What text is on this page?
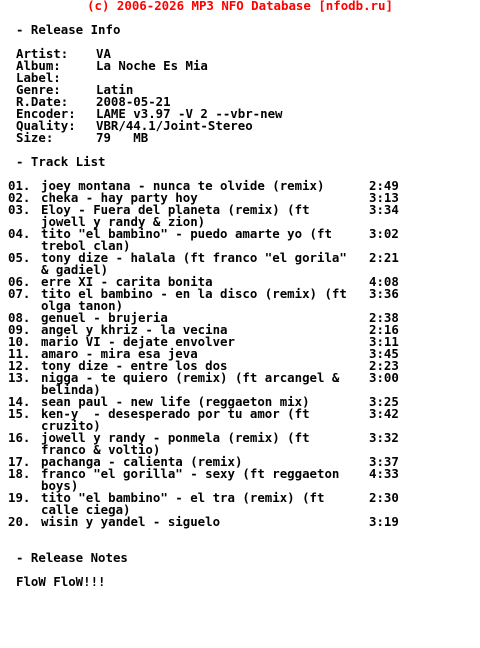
(c) 2006-2026 MP3 NFO Database [nfodb.ru]
- Release Info
Artist: VA
Album:	La Noche Es Mia
Label:
Genre:	Latin
R.Date: 2008-05-21
Encoder: LAME v3.97 -V 2 --vbr-new
Quality: VBR/44.1/Joint-Stereo
Size:	79   MB
- Track List
01. joey montana - nunca te olvide (remix)	2:49
02. cheka - hay party hoy	3:13
03. Eloy - Fuera del planeta (remix) (ft jowell y randy & zion)
3:34
04. tito "el bambino" - puedo amarte yo (ft trebol clan)
3:02
05. tony dize - halala (ft franco "el gorila" & gadiel)
2:21
06. erre XI - carita bonita	4:08
07. tito el bambino - en la disco (remix) (ft olga tanon)
3:36
08. genuel - brujeria	2:38
09. angel y khriz - la vecina	2:16
10. mario VI - dejate envolver	3:11
11. amaro - mira esa jeva	3:45
12. tony dize - entre los dos	2:23
13. nigga - te quiero (remix) (ft arcangel & belinda)
3:00
14. sean paul - new life (reggaeton mix)	3:25
15. ken-y  - desesperado por tu amor (ft cruzito)
3:42
16. jowell y randy - ponmela (remix) (ft franco & voltio)
3:32
17. pachanga - calienta (remix)	3:37
18. franco "el gorilla" - sexy (ft reggaeton boys)
4:33
19. tito "el bambino" - el tra (remix) (ft calle ciega)
2:30
20. wisin y yandel - siguelo	3:19
- Release Notes
FloW FloW!!!
